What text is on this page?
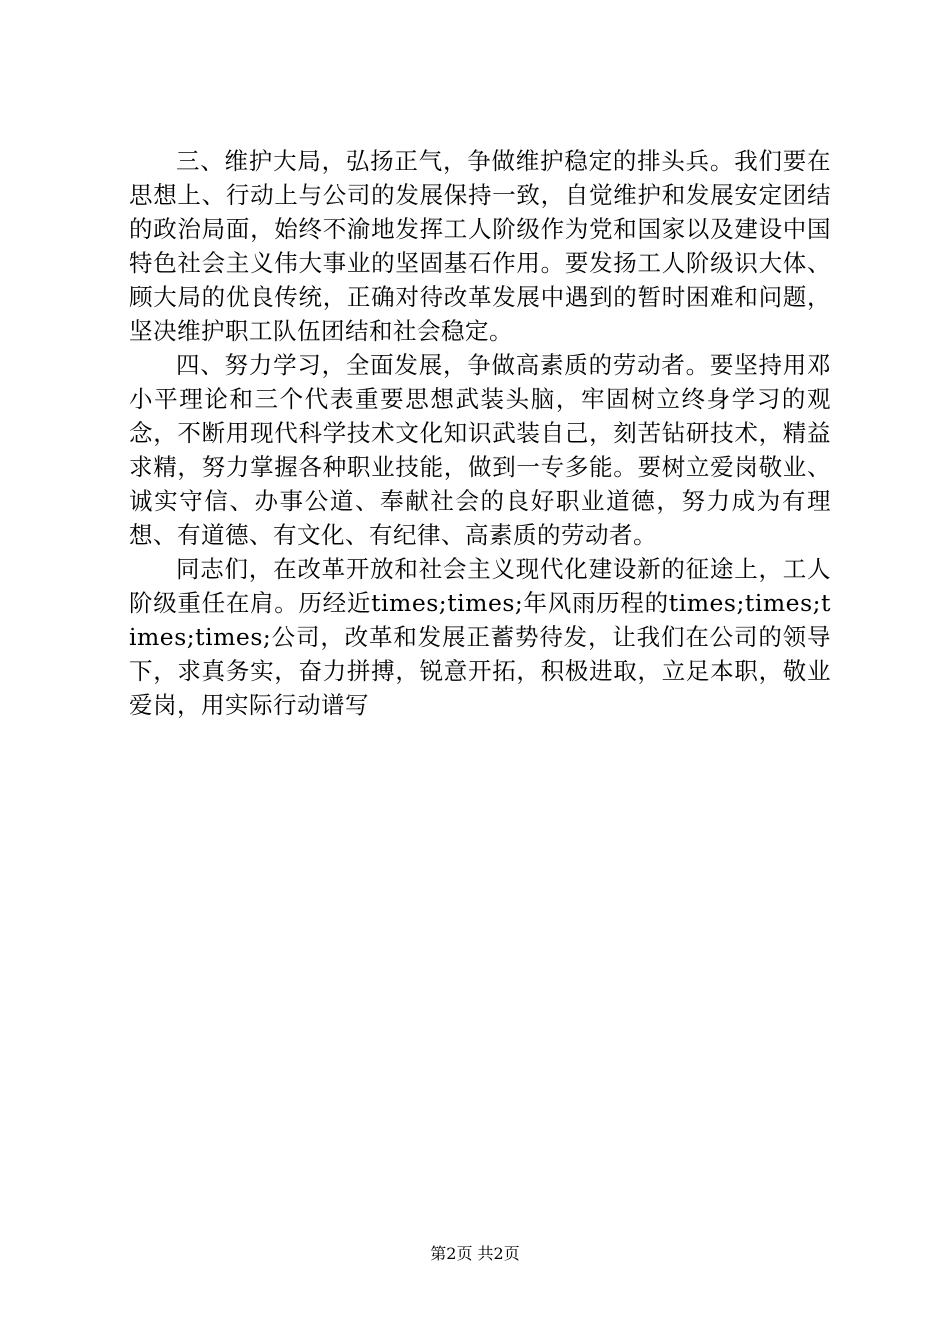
三、维护大局，弘扬正气，争做维护稳定的排头兵。我们要在思想上、行动上与公司的发展保持一致，自觉维护和发展安定团结的政治局面，始终不渝地发挥工人阶级作为党和国家以及建设中国特色社会主义伟大事业的坚固基石作用。要发扬工人阶级识大体、顾大局的优良传统，正确对待改革发展中遇到的暂时困难和问题，坚决维护职工队伍团结和社会稳定。

四、努力学习，全面发展，争做高素质的劳动者。要坚持用邓小平理论和三个代表重要思想武装头脑，牢固树立终身学习的观念，不断用现代科学技术文化知识武装自己，刻苦钻研技术，精益求精，努力掌握各种职业技能，做到一专多能。要树立爱岗敬业、诚实守信、办事公道、奉献社会的良好职业道德，努力成为有理想、有道德、有文化、有纪律、高素质的劳动者。

同志们，在改革开放和社会主义现代化建设新的征途上，工人阶级重任在肩。历经近times;times;年风雨历程的times;times;times;times;公司，改革和发展正蓄势待发，让我们在公司的领导下，求真务实，奋力拼搏，锐意开拓，积极进取，立足本职，敬业爱岗，用实际行动谱写

第2页 共2页
